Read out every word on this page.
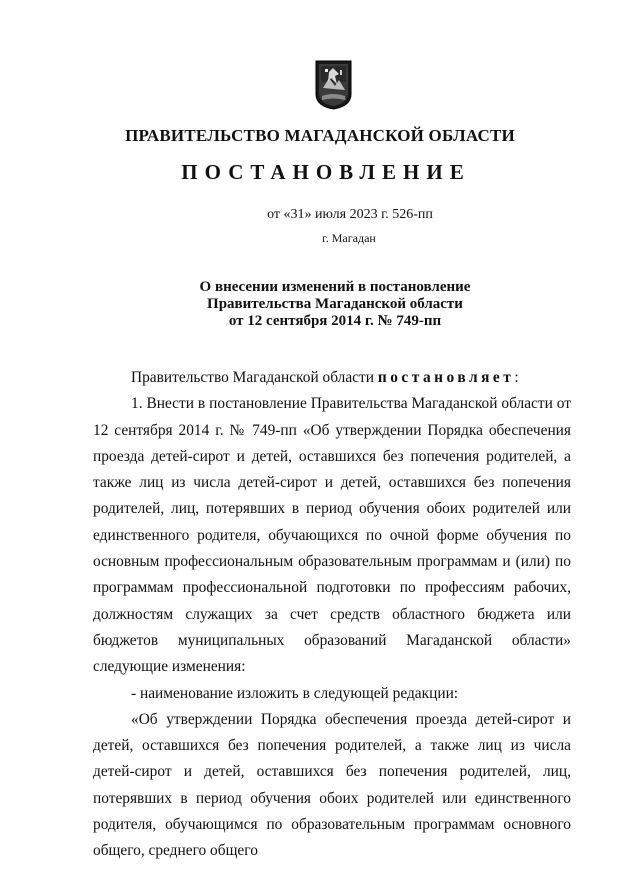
ПРАВИТЕЛЬСТВО МАГАДАНСКОЙ ОБЛАСТИ
ПОСТАНОВЛЕНИЕ
от «31» июля 2023 г. 526-пп
г. Магадан
О внесении изменений в постановление
Правительства Магаданской области
от 12 сентября 2014 г. № 749-пп

Правительство Магаданской области постановляет:

1. Внести в постановление Правительства Магаданской области от 12 сентября 2014 г. № 749-пп «Об утверждении Порядка обеспечения проезда детей-сирот и детей, оставшихся без попечения родителей, а также лиц из числа детей-сирот и детей, оставшихся без попечения родителей, лиц, потерявших в период обучения обоих родителей или единственного родителя, обучающихся по очной форме обучения по основным профессиональным образовательным программам и (или) по программам профессиональной подготовки по профессиям рабочих, должностям служащих за счет средств областного бюджета или бюджетов муниципальных образований Магаданской области» следующие изменения:

- наименование изложить в следующей редакции:

«Об утверждении Порядка обеспечения проезда детей-сирот и детей, оставшихся без попечения родителей, а также лиц из числа детей-сирот и детей, оставшихся без попечения родителей, лиц, потерявших в период обучения обоих родителей или единственного родителя, обучающимся по образовательным программам основного общего, среднего общего
